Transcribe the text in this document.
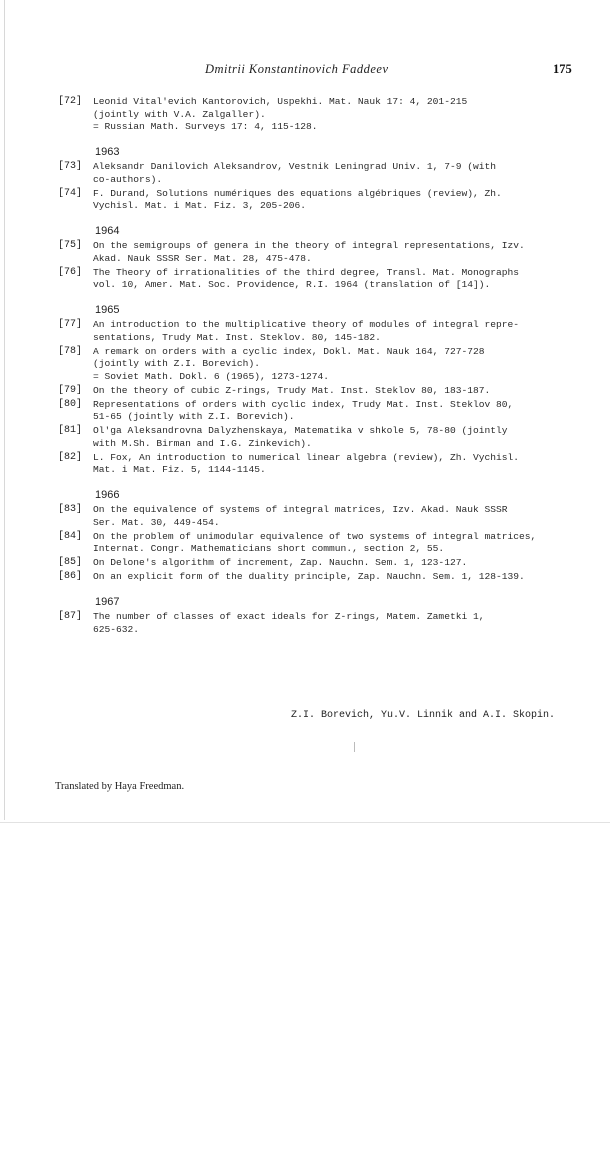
Dmitrii Konstantinovich Faddeev	175
[72] Leonid Vital'evich Kantorovich, Uspekhi. Mat. Nauk 17: 4, 201-215
(jointly with V.A. Zalgaller).
= Russian Math. Surveys 17: 4, 115-128.
1963
[73] Aleksandr Danilovich Aleksandrov, Vestnik Leningrad Univ. 1, 7-9 (with
co-authors).
[74] F. Durand, Solutions numériques des equations algébriques (review), Zh.
Vychisl. Mat. i Mat. Fiz. 3, 205-206.
1964
[75] On the semigroups of genera in the theory of integral representations, Izv.
Akad. Nauk SSSR Ser. Mat. 28, 475-478.
[76] The Theory of irrationalities of the third degree, Transl. Mat. Monographs
vol. 10, Amer. Mat. Soc. Providence, R.I. 1964 (translation of [14]).
1965
[77] An introduction to the multiplicative theory of modules of integral repre-
sentations, Trudy Mat. Inst. Steklov. 80, 145-182.
[78] A remark on orders with a cyclic index, Dokl. Mat. Nauk 164, 727-728
(jointly with Z.I. Borevich).
= Soviet Math. Dokl. 6 (1965), 1273-1274.
[79] On the theory of cubic Z-rings, Trudy Mat. Inst. Steklov 80, 183-187.
[80] Representations of orders with cyclic index, Trudy Mat. Inst. Steklov 80,
51-65 (jointly with Z.I. Borevich).
[81] Ol'ga Aleksandrovna Dalyzhenskaya, Matematika v shkole 5, 78-80 (jointly
with M.Sh. Birman and I.G. Zinkevich).
[82] L. Fox, An introduction to numerical linear algebra (review), Zh. Vychisl.
Mat. i Mat. Fiz. 5, 1144-1145.
1966
[83] On the equivalence of systems of integral matrices, Izv. Akad. Nauk SSSR
Ser. Mat. 30, 449-454.
[84] On the problem of unimodular equivalence of two systems of integral matrices,
Internat. Congr. Mathematicians short commun., section 2, 55.
[85] On Delone's algorithm of increment, Zap. Nauchn. Sem. 1, 123-127.
[86] On an explicit form of the duality principle, Zap. Nauchn. Sem. 1, 128-139.
1967
[87] The number of classes of exact ideals for Z-rings, Matem. Zametki 1,
625-632.
Z.I. Borevich, Yu.V. Linnik and A.I. Skopin.
Translated by Haya Freedman.
